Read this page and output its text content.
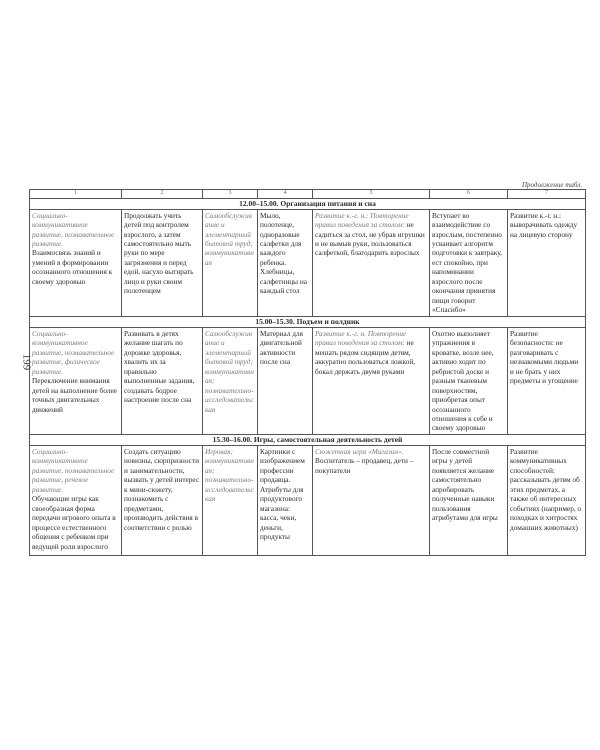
199
Продолжение табл.
1	2	3	4	5	6	7
12.00–15.00. Организация питания и сна						

Социально-коммуникативное развитие, познавательное развитие.
Взаимосвязь знаний и умений в формировании осознанного отношения к своему здоровью	Продолжать учить детей под контролем взрослого, а затем самостоятельно мыть руки по мере загрязнения и перед едой, насухо вытирать лицо и руки своим полотенцем	Самообслуживание и элементарный бытовой труд; коммуникативная	Мыло, полотенце, одноразовые салфетки для каждого ребенка. Хлебницы, салфетницы на каждый стол	Развитие к.-г. н.: Повторение правил поведения за столом: не садиться за стол, не убрав игрушки и не вымыв руки, пользоваться салфеткой, благодарить взрослых	Вступает во взаимодействие со взрослым, постепенно усваивает алгоритм подготовки к завтраку, ест спокойно, при напоминании взрослого после окончания принятия пищи говорит «Спасибо»	Развитие к.-г. н.: выворачивать одежду на лицевую сторону
15.00–15.30. Подъем и полдник						

Социально-коммуникативное развитие, познавательное развитие, физическое развитие.
Переключение внимания детей на выполнение более точных двигательных движений	Развивать в детях желание шагать по дорожке здоровья, хвалить их за правильно выполненные задания, создавать бодрое настроение после сна	Самообслуживание и элементарный бытовой труд; коммуникативная; познавательно-исследовательская	Материал для двигательной активности после сна	Развитие к.-г. н. Повторение правил поведения за столом: не мешать рядом сидящим детям, аккуратно пользоваться ложкой, бокал держать двумя руками	Охотно выполняет упражнения в кроватке, возле нее, активно ходит по ребристой доске и разным тканевым поверхностям, приобретая опыт осознанного отношения к себе и своему здоровью	Развитие безопасности: не разговаривать с незнакомыми людьми и не брать у них предметы и угощение
15.30–16.00. Игры, самостоятельная деятельность детей						

Социально-коммуникативное развитие, познавательное развитие, речевое развитие.
Обучающие игры как своеобразная форма передачи игрового опыта в процессе естественного общения с ребенком при ведущей роли взрослого	Создать ситуацию новизны, сюрпризности и занимательности, вызвать у детей интерес к мини-сюжету, познакомить с предметами, производить действия в соответствии с ролью	Игровая; коммуникативная; познавательно-исследовательская	Картинки с изображением профессии продавца. Атрибуты для продуктового магазина: касса, чеки, деньги, продукты	Сюжетная игра «Магазин». Воспитатель – продавец, дети – покупатели	После совместной игры у детей появляется желание самостоятельно апробировать полученные навыки пользования атрибутами для игры	Развитие коммуникативных способностей: рассказывать детям об этих предметах, а также об интересных событиях (например, о походках и хитростях домашних животных)
